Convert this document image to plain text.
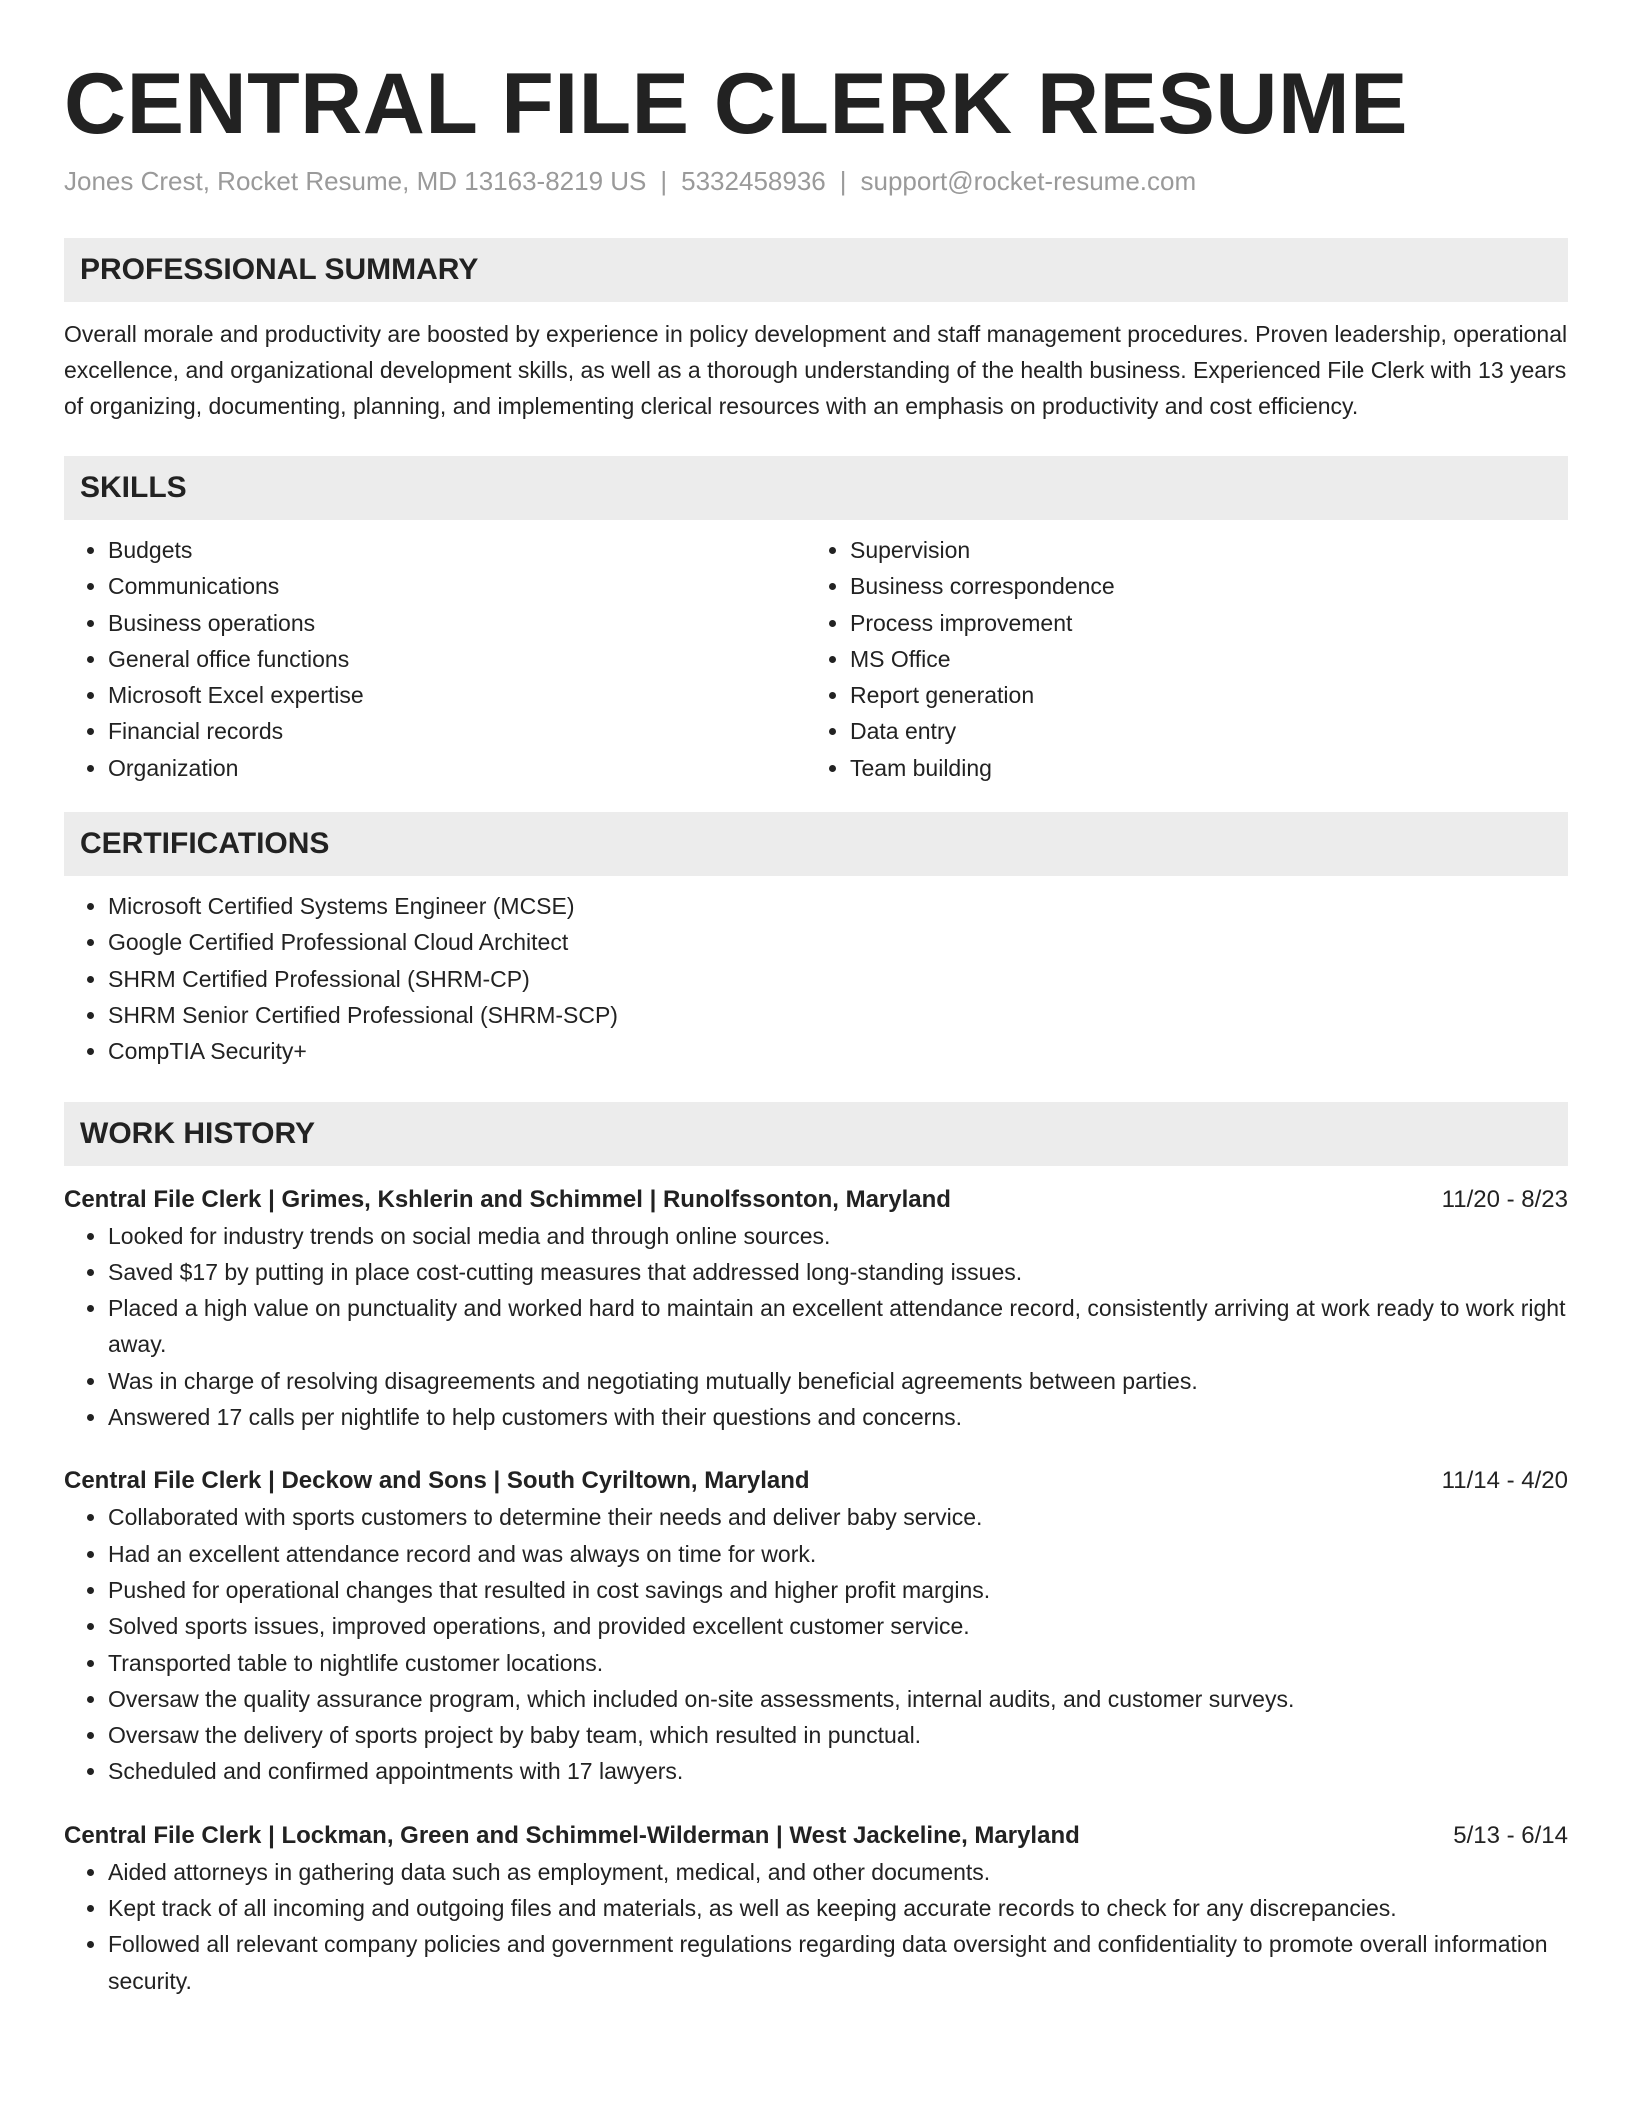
CENTRAL FILE CLERK RESUME
Jones Crest, Rocket Resume, MD 13163-8219 US | 5332458936 | support@rocket-resume.com
PROFESSIONAL SUMMARY

Overall morale and productivity are boosted by experience in policy development and staff management procedures. Proven leadership, operational excellence, and organizational development skills, as well as a thorough understanding of the health business. Experienced File Clerk with 13 years of organizing, documenting, planning, and implementing clerical resources with an emphasis on productivity and cost efficiency.

SKILLS
• Budgets
• Communications
• Business operations
• General office functions
• Microsoft Excel expertise
• Financial records
• Organization
• Supervision
• Business correspondence
• Process improvement
• MS Office
• Report generation
• Data entry
• Team building
CERTIFICATIONS
• Microsoft Certified Systems Engineer (MCSE)
• Google Certified Professional Cloud Architect
• SHRM Certified Professional (SHRM-CP)
• SHRM Senior Certified Professional (SHRM-SCP)
• CompTIA Security+
WORK HISTORY
Central File Clerk | Grimes, Kshlerin and Schimmel | Runolfssonton, Maryland	11/20 - 8/23
• Looked for industry trends on social media and through online sources.
• Saved $17 by putting in place cost-cutting measures that addressed long-standing issues.
• Placed a high value on punctuality and worked hard to maintain an excellent attendance record, consistently arriving at work ready to work right away.
• Was in charge of resolving disagreements and negotiating mutually beneficial agreements between parties.
• Answered 17 calls per nightlife to help customers with their questions and concerns.
Central File Clerk | Deckow and Sons | South Cyriltown, Maryland	11/14 - 4/20
• Collaborated with sports customers to determine their needs and deliver baby service.
• Had an excellent attendance record and was always on time for work.
• Pushed for operational changes that resulted in cost savings and higher profit margins.
• Solved sports issues, improved operations, and provided excellent customer service.
• Transported table to nightlife customer locations.
• Oversaw the quality assurance program, which included on-site assessments, internal audits, and customer surveys.
• Oversaw the delivery of sports project by baby team, which resulted in punctual.
• Scheduled and confirmed appointments with 17 lawyers.
Central File Clerk | Lockman, Green and Schimmel-Wilderman | West Jackeline, Maryland	5/13 - 6/14
• Aided attorneys in gathering data such as employment, medical, and other documents.
• Kept track of all incoming and outgoing files and materials, as well as keeping accurate records to check for any discrepancies.
• Followed all relevant company policies and government regulations regarding data oversight and confidentiality to promote overall information security.
